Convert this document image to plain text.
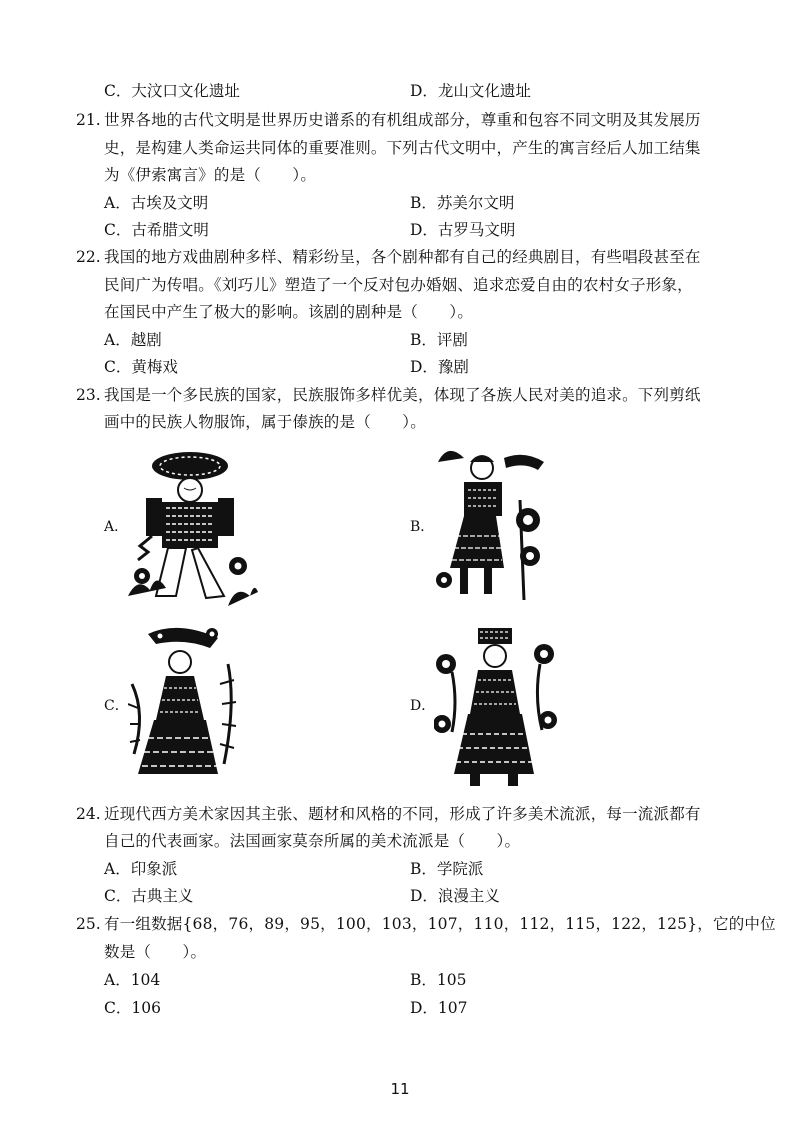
C．大汶口文化遗址	D．龙山文化遗址
21. 世界各地的古代文明是世界历史谱系的有机组成部分，尊重和包容不同文明及其发展历
史，是构建人类命运共同体的重要准则。下列古代文明中，产生的寓言经后人加工结集
为《伊索寓言》的是（　　）。
A．古埃及文明	B．苏美尔文明
C．古希腊文明	D．古罗马文明
22. 我国的地方戏曲剧种多样、精彩纷呈，各个剧种都有自己的经典剧目，有些唱段甚至在
民间广为传唱。《刘巧儿》塑造了一个反对包办婚姻、追求恋爱自由的农村女子形象，
在国民中产生了极大的影响。该剧的剧种是（　　）。
A．越剧	B．评剧
C．黄梅戏	D．豫剧
23. 我国是一个多民族的国家，民族服饰多样优美，体现了各族人民对美的追求。下列剪纸
画中的民族人物服饰，属于傣族的是（　　）。
A．	B．
C．	D．
24. 近现代西方美术家因其主张、题材和风格的不同，形成了许多美术流派，每一流派都有
自己的代表画家。法国画家莫奈所属的美术流派是（　　）。
A．印象派	B．学院派
C．古典主义	D．浪漫主义
25. 有一组数据{68，76，89，95，100，103，107，110，112，115，122，125}，它的中位
数是（　　）。
A．104	B．105
C．106	D．107
11
